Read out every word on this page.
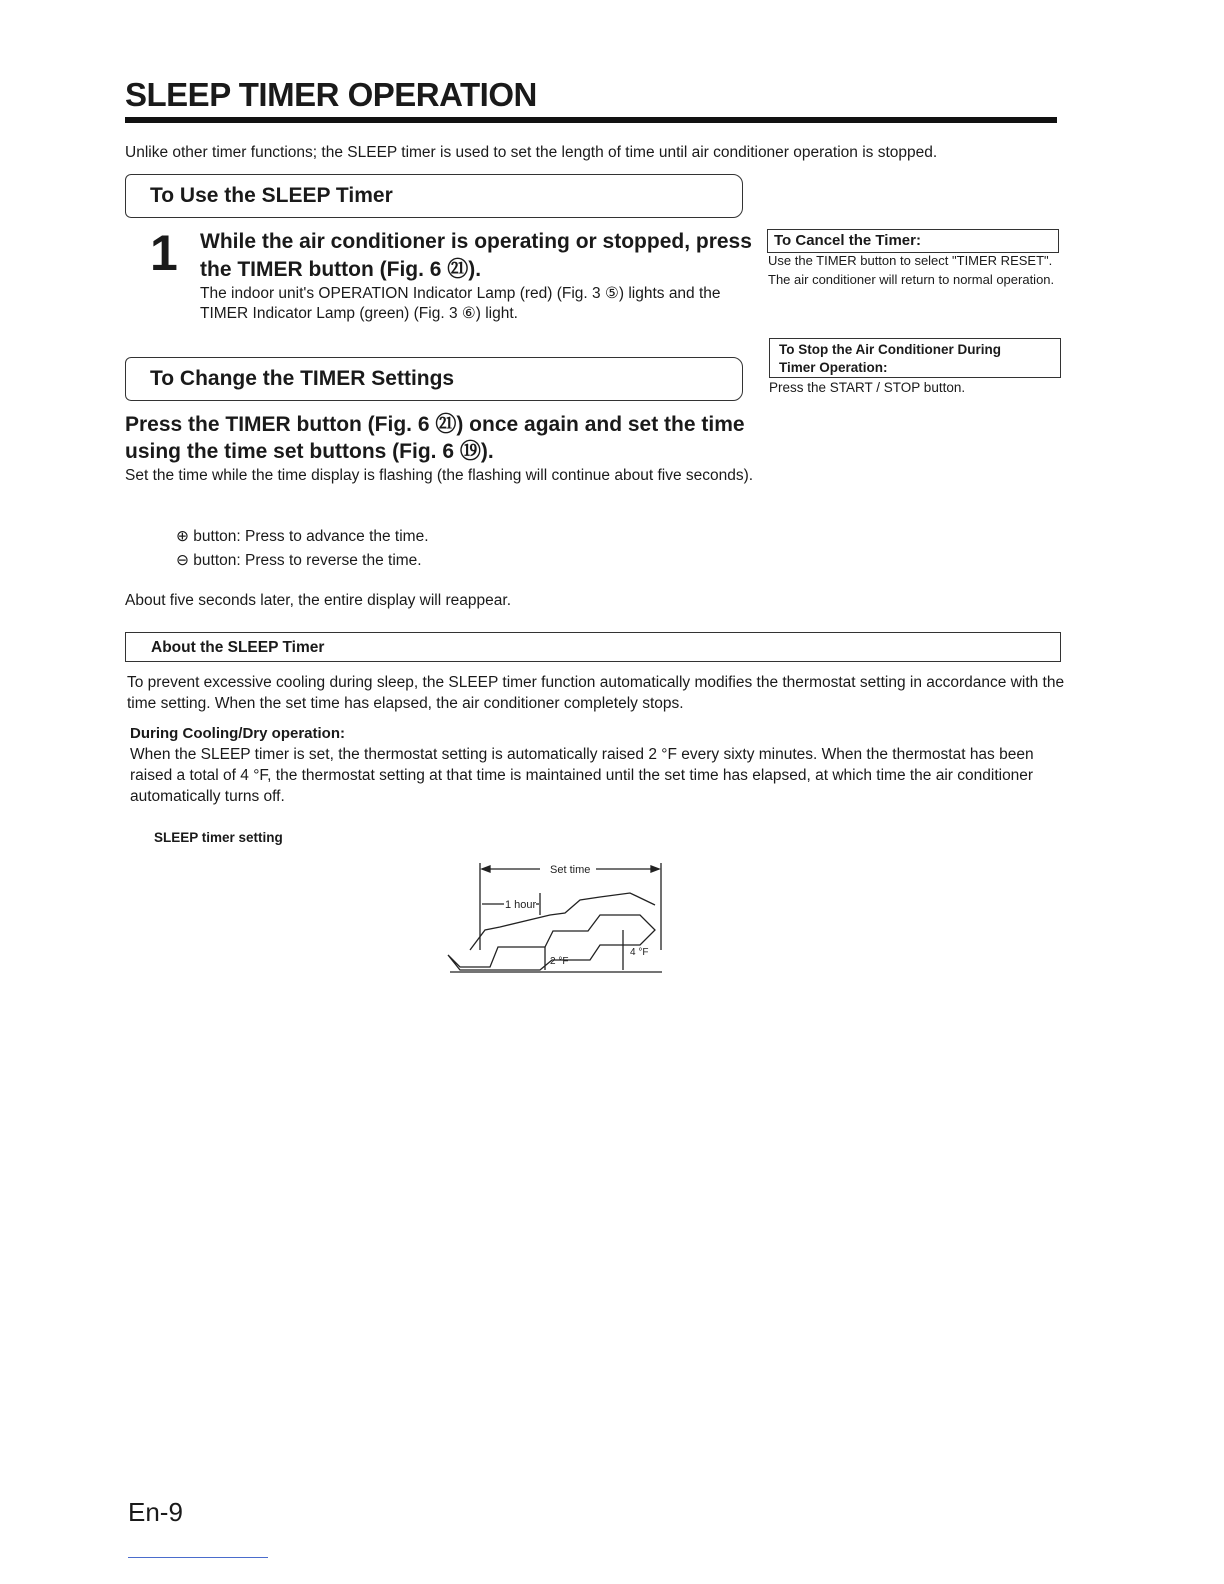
SLEEP TIMER OPERATION

Unlike other timer functions; the SLEEP timer is used to set the length of time until air conditioner operation is stopped.

To Use the SLEEP Timer
1 While the air conditioner is operating or stopped, press the TIMER button (Fig. 6 ㉑).

The indoor unit's OPERATION Indicator Lamp (red) (Fig. 3 ⑤) lights and the TIMER Indicator Lamp (green) (Fig. 3 ⑥) light.

To Change the TIMER Settings

Press the TIMER button (Fig. 6 ㉑) once again and set the time using the time set buttons (Fig. 6 ⑲).

Set the time while the time display is flashing (the flashing will continue about five seconds).

⊕ button: Press to advance the time.
⊖ button: Press to reverse the time.
About five seconds later, the entire display will reappear.
To Cancel the Timer:

Use the TIMER button to select "TIMER RESET". The air conditioner will return to normal operation.

To Stop the Air Conditioner During Timer Operation:

Press the START / STOP button.

About the SLEEP Timer

To prevent excessive cooling during sleep, the SLEEP timer function automatically modifies the thermostat setting in accordance with the time setting. When the set time has elapsed, the air conditioner completely stops.

During Cooling/Dry operation:

When the SLEEP timer is set, the thermostat setting is automatically raised 2 °F every sixty minutes. When the thermostat has been raised a total of 4 °F, the thermostat setting at that time is maintained until the set time has elapsed, at which time the air conditioner automatically turns off.

SLEEP timer setting
Set time
1 hour
2 °F
4 °F
En-9
